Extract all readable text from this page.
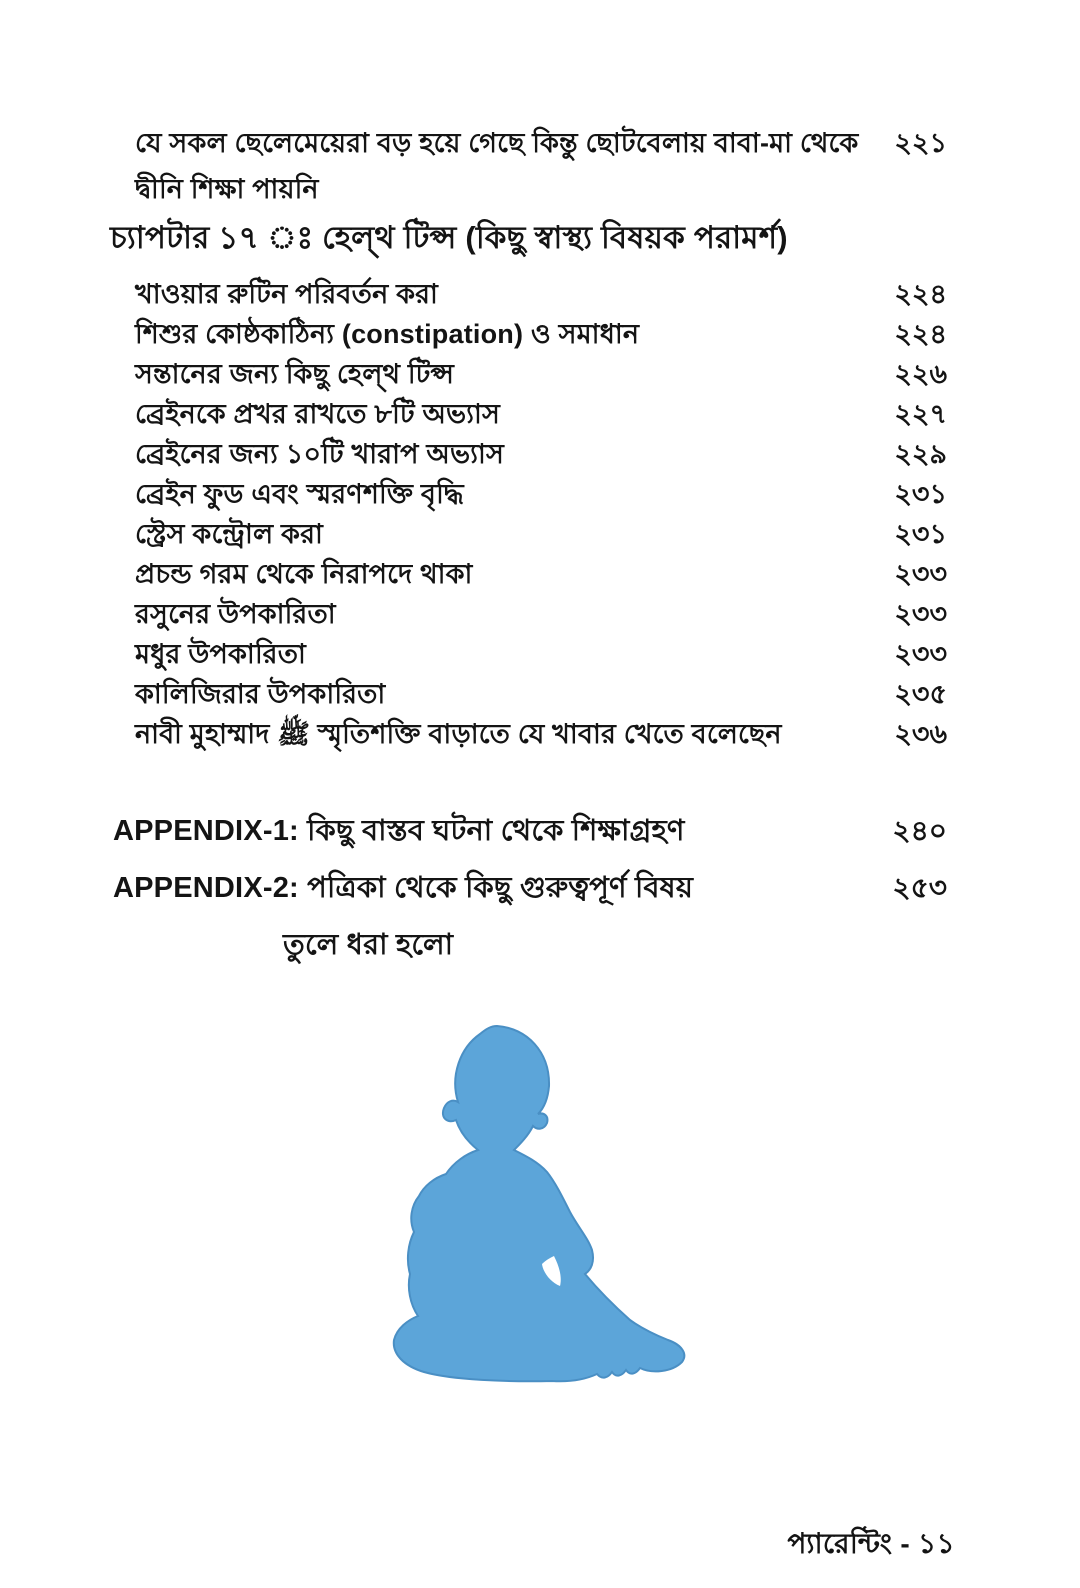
যে সকল ছেলেমেয়েরা বড় হয়ে গেছে কিন্তু ছোটবেলায় বাবা-মা থেকে	২২১
দ্বীনি শিক্ষা পায়নি
চ্যাপটার ১৭ ঃ হেল্থ টিপ্স (কিছু স্বাস্থ্য বিষয়ক পরামর্শ)
খাওয়ার রুটিন পরিবর্তন করা	২২৪
শিশুর কোষ্ঠকাঠিন্য (constipation) ও সমাধান	২২৪
সন্তানের জন্য কিছু হেল্থ টিপ্স	২২৬
ব্রেইনকে প্রখর রাখতে ৮টি অভ্যাস	২২৭
ব্রেইনের জন্য ১০টি খারাপ অভ্যাস	২২৯
ব্রেইন ফুড এবং স্মরণশক্তি বৃদ্ধি	২৩১
স্ট্রেস কন্ট্রোল করা	২৩১
প্রচন্ড গরম থেকে নিরাপদে থাকা	২৩৩
রসুনের উপকারিতা	২৩৩
মধুর উপকারিতা	২৩৩
কালিজিরার উপকারিতা	২৩৫
নাবী মুহাম্মাদ ﷺ স্মৃতিশক্তি বাড়াতে যে খাবার খেতে বলেছেন	২৩৬
APPENDIX-1: কিছু বাস্তব ঘটনা থেকে শিক্ষাগ্রহণ	২৪০
APPENDIX-2: পত্রিকা থেকে কিছু গুরুত্বপূর্ণ বিষয়	২৫৩
তুলে ধরা হলো
প্যারেন্টিং - ১১
